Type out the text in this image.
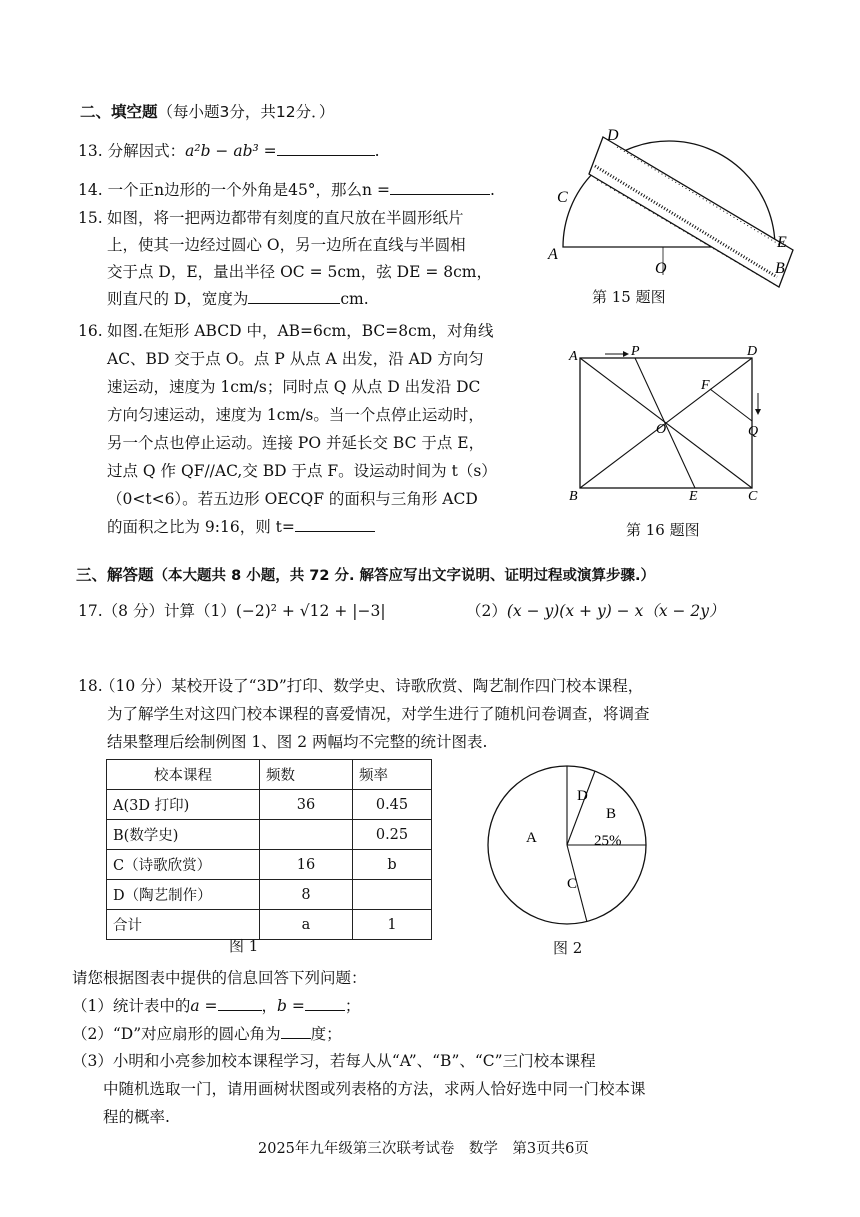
二、填空题（每小题3分，共12分．）
13. 分解因式：a²b − ab³ =	.
14. 一个正n边形的一个外角是45°，那么n =	.
15. 如图，将一把两边都带有刻度的直尺放在半圆形纸片
上，使其一边经过圆心 O，另一边所在直线与半圆相
交于点 D，E，量出半径 OC = 5cm，弦 DE = 8cm，
则直尺的 D，宽度为	cm.
D
C
A
O
E
B
第 15 题图
16. 如图.在矩形 ABCD 中，AB=6cm，BC=8cm，对角线
AC、BD 交于点 O。点 P 从点 A 出发，沿 AD 方向匀
速运动，速度为 1cm/s；同时点 Q 从点 D 出发沿 DC
方向匀速运动，速度为 1cm/s。当一个点停止运动时，
另一个点也停止运动。连接 PO 并延长交 BC 于点 E，
过点 Q 作 QF//AC,交 BD 于点 F。设运动时间为 t（s）
（0<t<6）。若五边形 OECQF 的面积与三角形 ACD
的面积之比为 9:16，则 t=
A	P	D
F
Q
O
B	E	C
第 16 题图
三、解答题（本大题共 8 小题，共 72 分. 解答应写出文字说明、证明过程或演算步骤.）
17.（8 分）计算（1）(−2)² + √12 + |−3|	（2）(x − y)(x + y) − x（x − 2y）
18.
（10 分）某校开设了“3D”打印、数学史、诗歌欣赏、陶艺制作四门校本课程，
为了解学生对这四门校本课程的喜爱情况，对学生进行了随机问卷调查，将调查
结果整理后绘制例图 1、图 2 两幅均不完整的统计图表.
校本课程	频数	频率
A(3D 打印)	36	0.45
B(数学史)		0.25
C（诗歌欣赏）	16	b
D（陶艺制作）	8	
合计	a	1
图 1
D
B
25%
A
C
图 2
请您根据图表中提供的信息回答下列问题：
（1）统计表中的a =	，b =	；
（2）“D”对应扇形的圆心角为 度；
（3）小明和小亮参加校本课程学习，若每人从“A”、“B”、“C”三门校本课程
中随机选取一门，请用画树状图或列表格的方法，求两人恰好选中同一门校本课
程的概率.
2025年九年级第三次联考试卷　数学　第3页共6页
